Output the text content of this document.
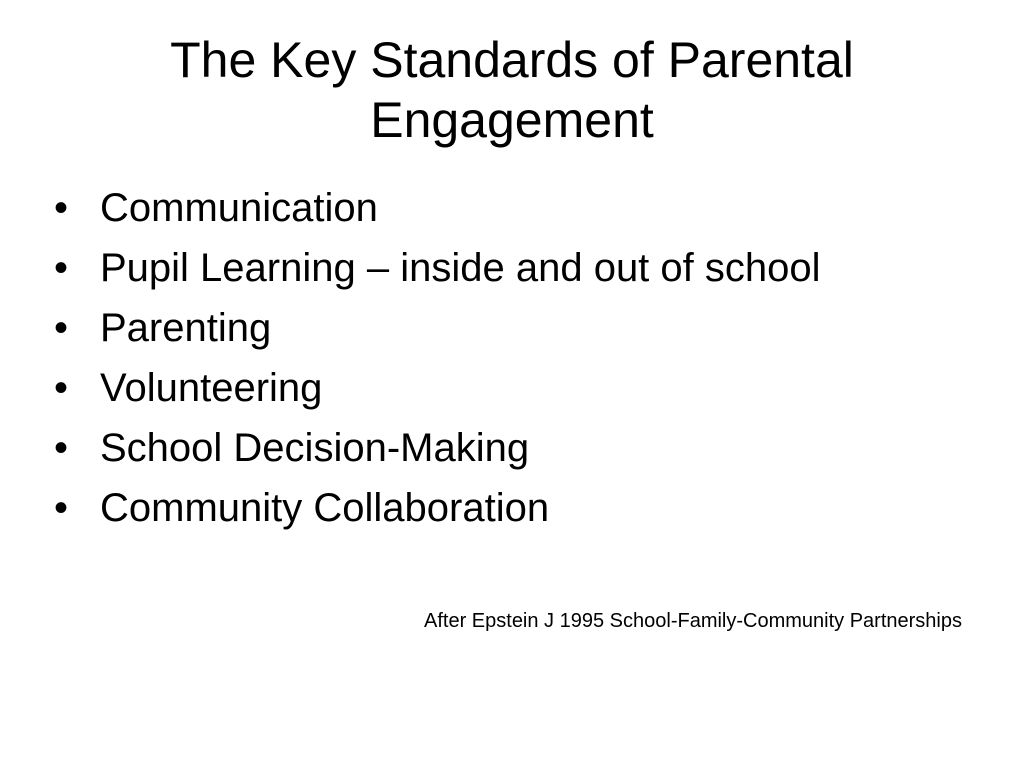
The Key Standards of Parental Engagement
• Communication
• Pupil Learning – inside and out of school
• Parenting
• Volunteering
• School Decision-Making
• Community Collaboration
After Epstein J 1995 School-Family-Community Partnerships
